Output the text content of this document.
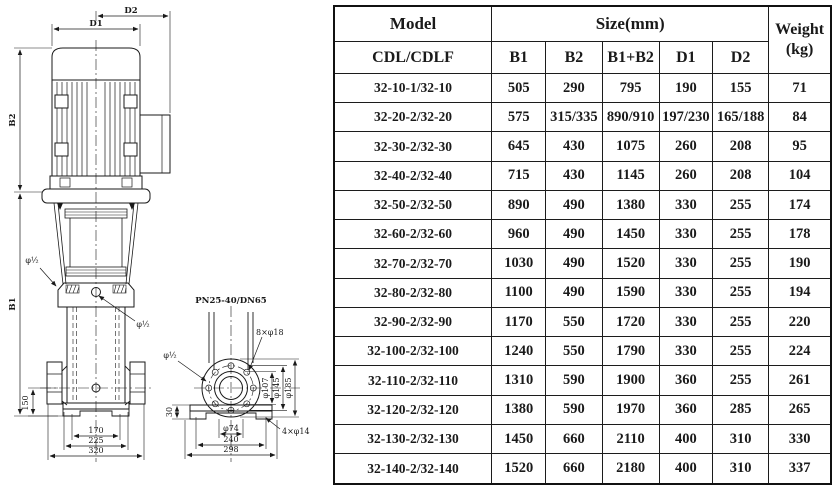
D2
D1
B2
B1
150
170
225
320
φ½
φ½
PN25-40/DN65
8×φ18
φ½
φ107 φ145 φ185
30
φ74
240
298
4×φ14
Model	Size(mm)					Weight
(kg)

CDL/CDLF	B1	B2	B1+B2	D1	D2	
32-10-1/32-10	505	290	795	190	155	71
32-20-2/32-20	575	315/335	890/910	197/230	165/188	84
32-30-2/32-30	645	430	1075	260	208	95
32-40-2/32-40	715	430	1145	260	208	104
32-50-2/32-50	890	490	1380	330	255	174
32-60-2/32-60	960	490	1450	330	255	178
32-70-2/32-70	1030	490	1520	330	255	190
32-80-2/32-80	1100	490	1590	330	255	194
32-90-2/32-90	1170	550	1720	330	255	220
32-100-2/32-100	1240	550	1790	330	255	224
32-110-2/32-110	1310	590	1900	360	255	261
32-120-2/32-120	1380	590	1970	360	285	265
32-130-2/32-130	1450	660	2110	400	310	330
32-140-2/32-140	1520	660	2180	400	310	337
